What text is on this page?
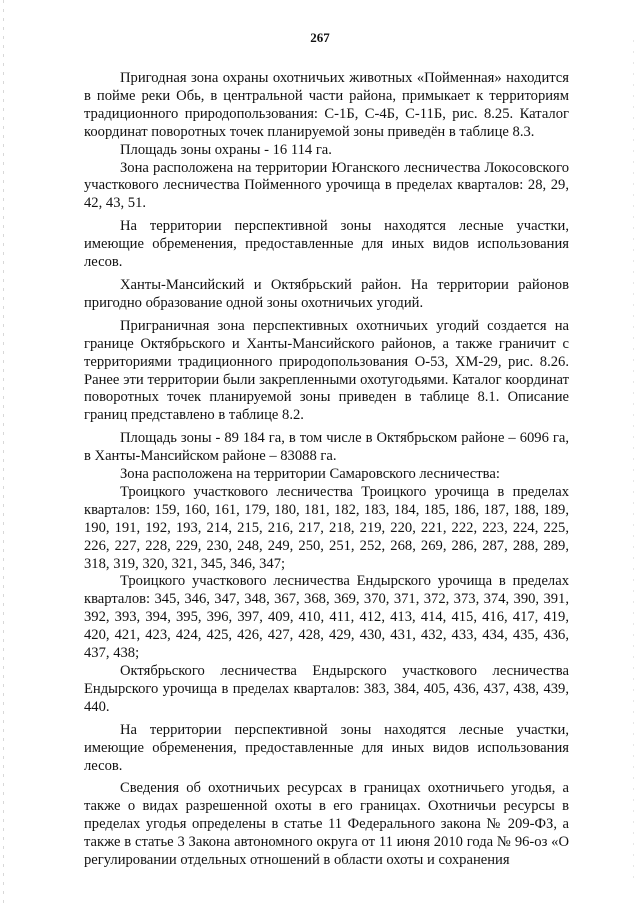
267

Пригодная зона охраны охотничьих животных «Пойменная» находится в пойме реки Обь, в центральной части района, примыкает к территориям традиционного природопользования: С-1Б, С-4Б, С-11Б, рис. 8.25. Каталог координат поворотных точек планируемой зоны приведён в таблице 8.3.

Площадь зоны охраны - 16 114 га.

Зона расположена на территории Юганского лесничества Локосовского участкового лесничества Пойменного урочища в пределах кварталов: 28, 29, 42, 43, 51.

На территории перспективной зоны находятся лесные участки, имеющие обременения, предоставленные для иных видов использования лесов.

Ханты-Мансийский и Октябрьский район. На территории районов пригодно образование одной зоны охотничьих угодий.

Приграничная зона перспективных охотничьих угодий создается на границе Октябрьского и Ханты-Мансийского районов, а также граничит с территориями традиционного природопользования О-53, ХМ-29, рис. 8.26. Ранее эти территории были закрепленными охотугодьями. Каталог координат поворотных точек планируемой зоны приведен в таблице 8.1. Описание границ представлено в таблице 8.2.

Площадь зоны - 89 184 га, в том числе в Октябрьском районе – 6096 га, в Ханты-Мансийском районе – 83088 га.

Зона расположена на территории Самаровского лесничества:

Троицкого участкового лесничества Троицкого урочища в пределах кварталов: 159, 160, 161, 179, 180, 181, 182, 183, 184, 185, 186, 187, 188, 189, 190, 191, 192, 193, 214, 215, 216, 217, 218, 219, 220, 221, 222, 223, 224, 225, 226, 227, 228, 229, 230, 248, 249, 250, 251, 252, 268, 269, 286, 287, 288, 289, 318, 319, 320, 321, 345, 346, 347;

Троицкого участкового лесничества Ендырского урочища в пределах кварталов: 345, 346, 347, 348, 367, 368, 369, 370, 371, 372, 373, 374, 390, 391, 392, 393, 394, 395, 396, 397, 409, 410, 411, 412, 413, 414, 415, 416, 417, 419, 420, 421, 423, 424, 425, 426, 427, 428, 429, 430, 431, 432, 433, 434, 435, 436, 437, 438;

Октябрьского лесничества Ендырского участкового лесничества Ендырского урочища в пределах кварталов: 383, 384, 405, 436, 437, 438, 439, 440.

На территории перспективной зоны находятся лесные участки, имеющие обременения, предоставленные для иных видов использования лесов.

Сведения об охотничьих ресурсах в границах охотничьего угодья, а также о видах разрешенной охоты в его границах. Охотничьи ресурсы в пределах угодья определены в статье 11 Федерального закона № 209-ФЗ, а также в статье 3 Закона автономного округа от 11 июня 2010 года № 96-оз «О регулировании отдельных отношений в области охоты и сохранения
